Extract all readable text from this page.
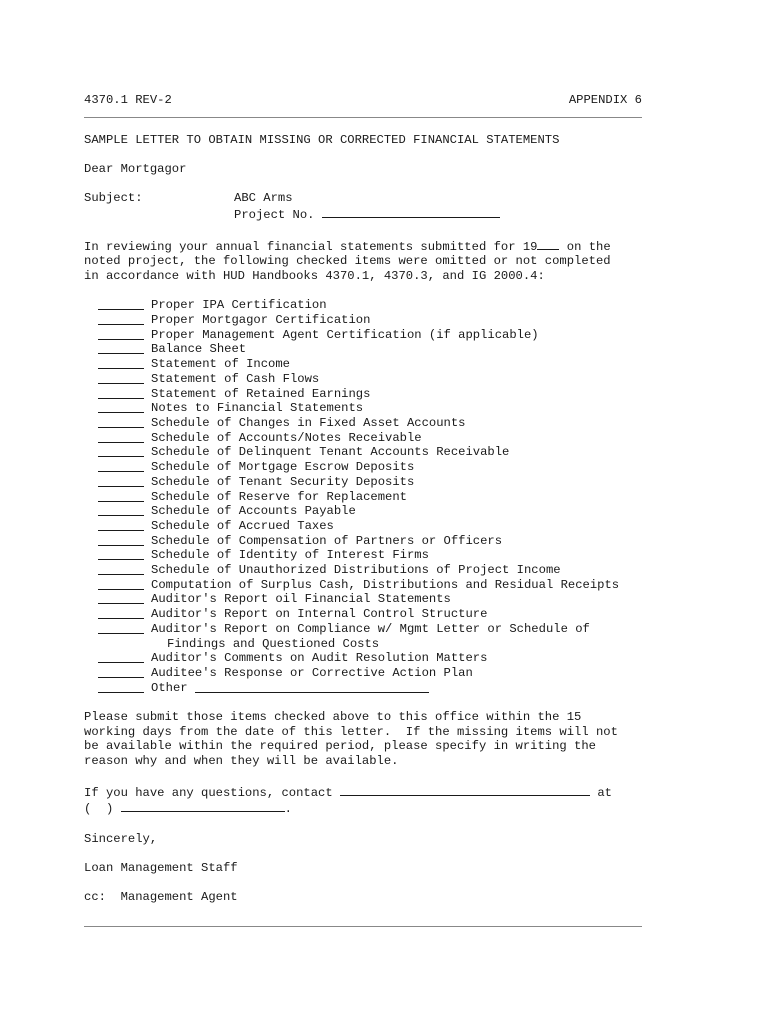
4370.1 REV-2	APPENDIX 6
SAMPLE LETTER TO OBTAIN MISSING OR CORRECTED FINANCIAL STATEMENTS
Dear Mortgagor
Subject:	ABC Arms
Project No.
In reviewing your annual financial statements submitted for 19 on the
noted project, the following checked items were omitted or not completed
in accordance with HUD Handbooks 4370.1, 4370.3, and IG 2000.4:
Proper IPA Certification
Proper Mortgagor Certification
Proper Management Agent Certification (if applicable)
Balance Sheet
Statement of Income
Statement of Cash Flows
Statement of Retained Earnings
Notes to Financial Statements
Schedule of Changes in Fixed Asset Accounts
Schedule of Accounts/Notes Receivable
Schedule of Delinquent Tenant Accounts Receivable
Schedule of Mortgage Escrow Deposits
Schedule of Tenant Security Deposits
Schedule of Reserve for Replacement
Schedule of Accounts Payable
Schedule of Accrued Taxes
Schedule of Compensation of Partners or Officers
Schedule of Identity of Interest Firms
Schedule of Unauthorized Distributions of Project Income
Computation of Surplus Cash, Distributions and Residual Receipts
Auditor's Report oil Financial Statements
Auditor's Report on Internal Control Structure
Auditor's Report on Compliance w/ Mgmt Letter or Schedule of
Findings and Questioned Costs
Auditor's Comments on Audit Resolution Matters
Auditee's Response or Corrective Action Plan
Other

Please submit those items checked above to this office within the 15
working days from the date of this letter.  If the missing items will not
be available within the required period, please specify in writing the
reason why and when they will be available.
If you have any questions, contact	at
(  )	.
Sincerely,
Loan Management Staff
cc:  Management Agent
